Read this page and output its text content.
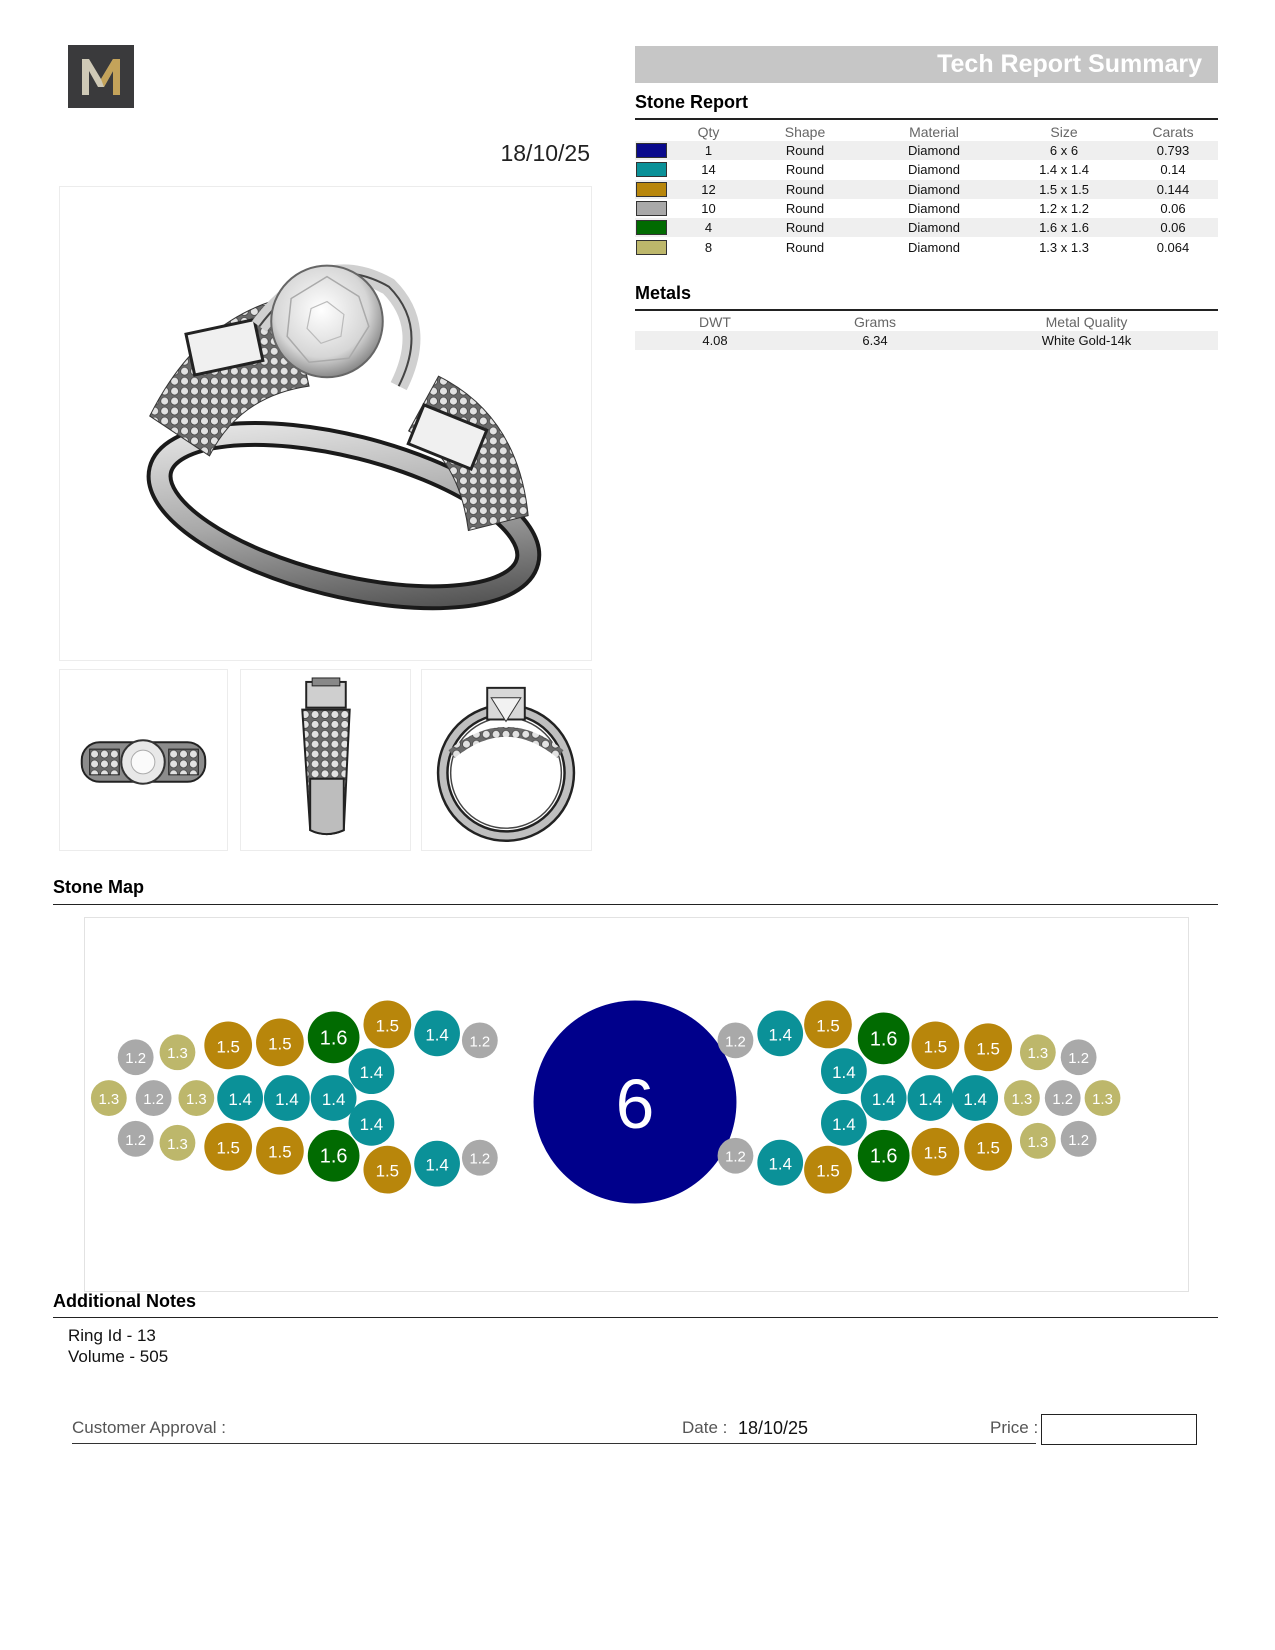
Tech Report Summary
18/10/25
Stone Report
Qty	Shape	Material	Size	Carats
1	Round	Diamond	6 x 6	0.793
14	Round	Diamond	1.4 x 1.4	0.14
12	Round	Diamond	1.5 x 1.5	0.144
10	Round	Diamond	1.2 x 1.2	0.06
4	Round	Diamond	1.6 x 1.6	0.06
8	Round	Diamond	1.3 x 1.3	0.064
Metals
DWT	Grams	Metal Quality
4.08	6.34	White Gold-14k
Stone Map
6
1.2 1.3 1.5 1.5 1.6
1.5 1.4 1.2
1.4
1.3 1.2 1.3 1.4 1.4 1.4
1.4
1.2 1.3 1.5 1.5 1.6
1.5 1.4 1.2
1.2 1.4 1.5
1.6 1.5 1.5 1.3 1.2
1.4
1.4 1.4 1.4 1.3 1.2 1.3
1.4
1.2 1.4 1.5
1.6 1.5 1.5 1.3 1.2
Additional Notes
Ring Id - 13
Volume - 505
Customer Approval :	Date : 18/10/25	Price :
